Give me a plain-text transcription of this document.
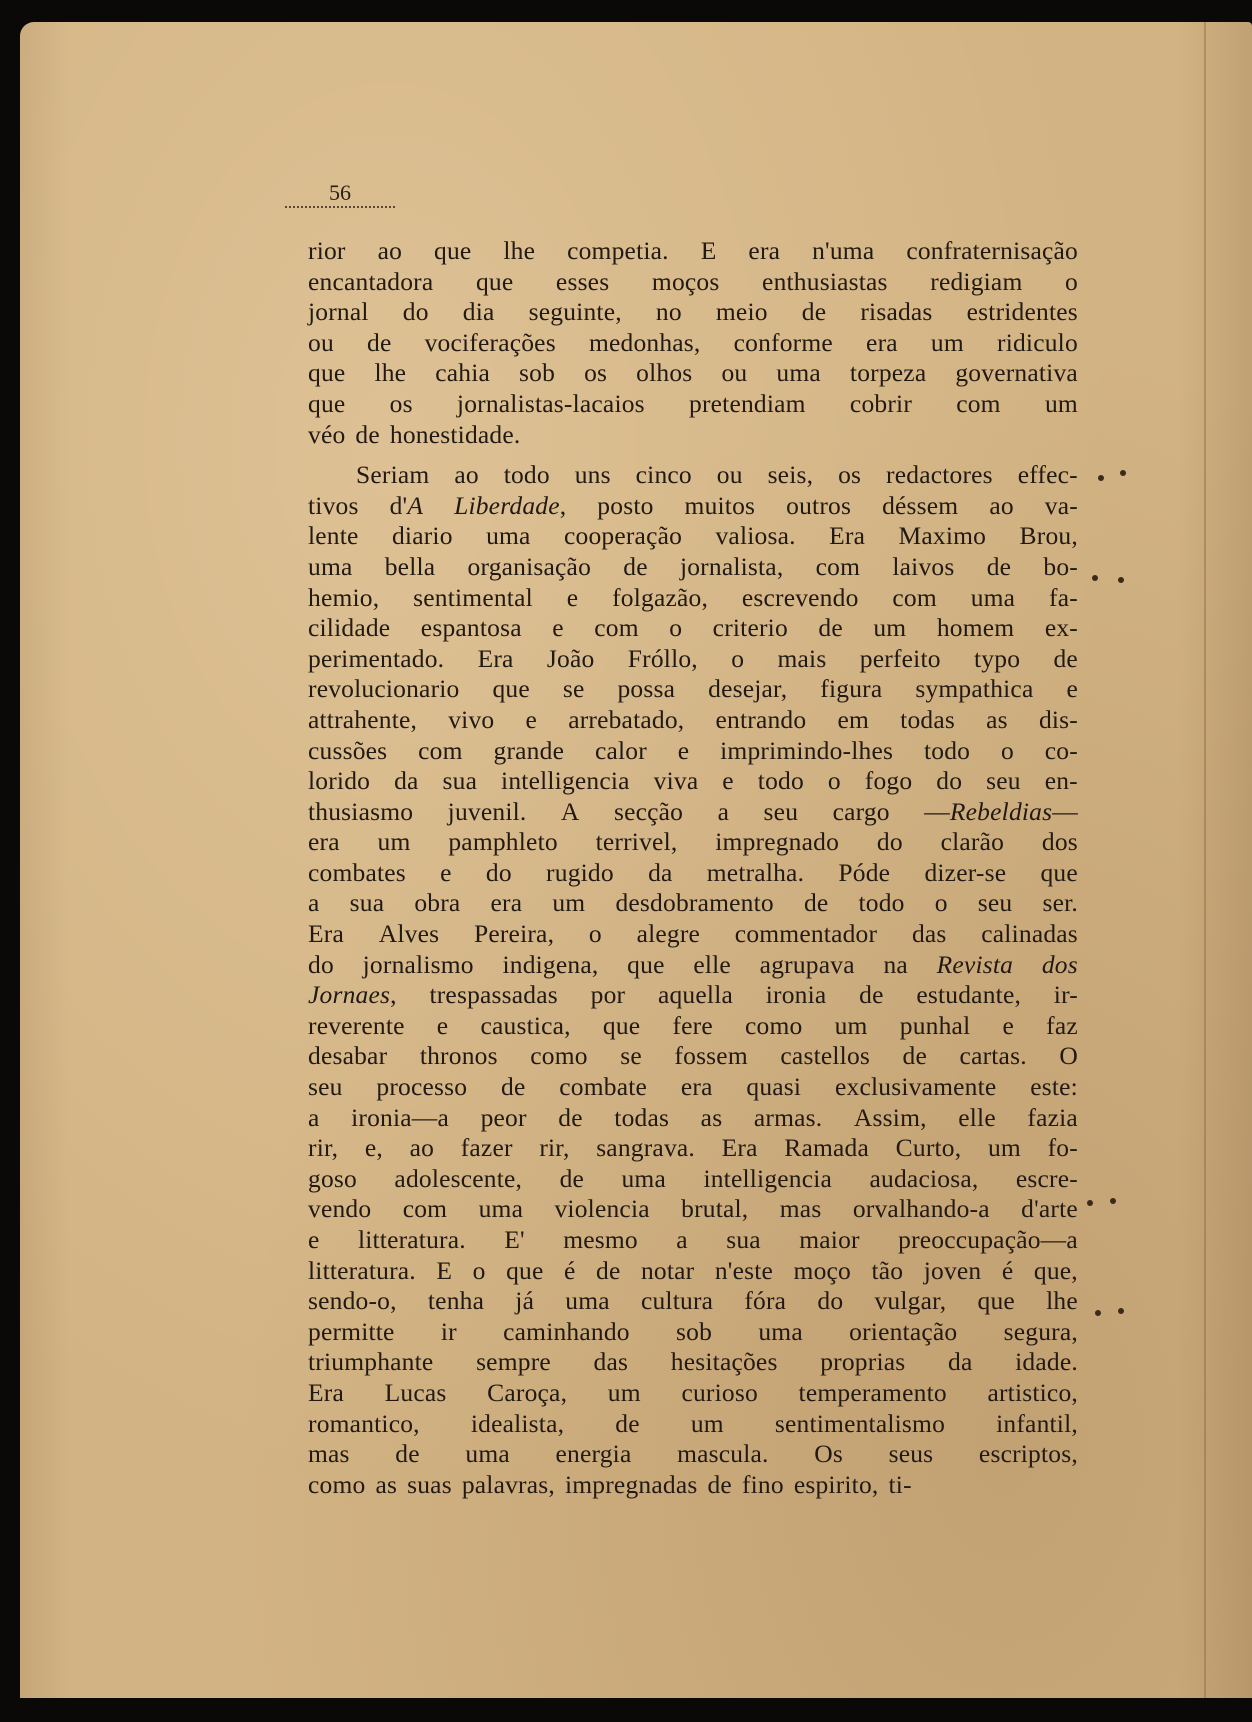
56
rior ao que lhe competia. E era n'uma confraternisação
encantadora que esses moços enthusiastas redigiam o
jornal do dia seguinte, no meio de risadas estridentes
ou de vociferações medonhas, conforme era um ridiculo
que lhe cahia sob os olhos ou uma torpeza governativa
que os jornalistas-lacaios pretendiam cobrir com um
véo de honestidade.
Seriam ao todo uns cinco ou seis, os redactores effec-
tivos d'A Liberdade, posto muitos outros déssem ao va-
lente diario uma cooperação valiosa. Era Maximo Brou,
uma bella organisação de jornalista, com laivos de bo-
hemio, sentimental e folgazão, escrevendo com uma fa-
cilidade espantosa e com o criterio de um homem ex-
perimentado. Era João Fróllo, o mais perfeito typo de
revolucionario que se possa desejar, figura sympathica e
attrahente, vivo e arrebatado, entrando em todas as dis-
cussões com grande calor e imprimindo-lhes todo o co-
lorido da sua intelligencia viva e todo o fogo do seu en-
thusiasmo juvenil. A secção a seu cargo —Rebeldias—
era um pamphleto terrivel, impregnado do clarão dos
combates e do rugido da metralha. Póde dizer-se que
a sua obra era um desdobramento de todo o seu ser.
Era Alves Pereira, o alegre commentador das calinadas
do jornalismo indigena, que elle agrupava na Revista dos
Jornaes, trespassadas por aquella ironia de estudante, ir-
reverente e caustica, que fere como um punhal e faz
desabar thronos como se fossem castellos de cartas. O
seu processo de combate era quasi exclusivamente este:
a ironia—a peor de todas as armas. Assim, elle fazia
rir, e, ao fazer rir, sangrava. Era Ramada Curto, um fo-
goso adolescente, de uma intelligencia audaciosa, escre-
vendo com uma violencia brutal, mas orvalhando-a d'arte
e litteratura. E' mesmo a sua maior preoccupação—a
litteratura. E o que é de notar n'este moço tão joven é que,
sendo-o, tenha já uma cultura fóra do vulgar, que lhe
permitte ir caminhando sob uma orientação segura,
triumphante sempre das hesitações proprias da idade.
Era Lucas Caroça, um curioso temperamento artistico,
romantico, idealista, de um sentimentalismo infantil,
mas de uma energia mascula. Os seus escriptos,
como as suas palavras, impregnadas de fino espirito, ti-
